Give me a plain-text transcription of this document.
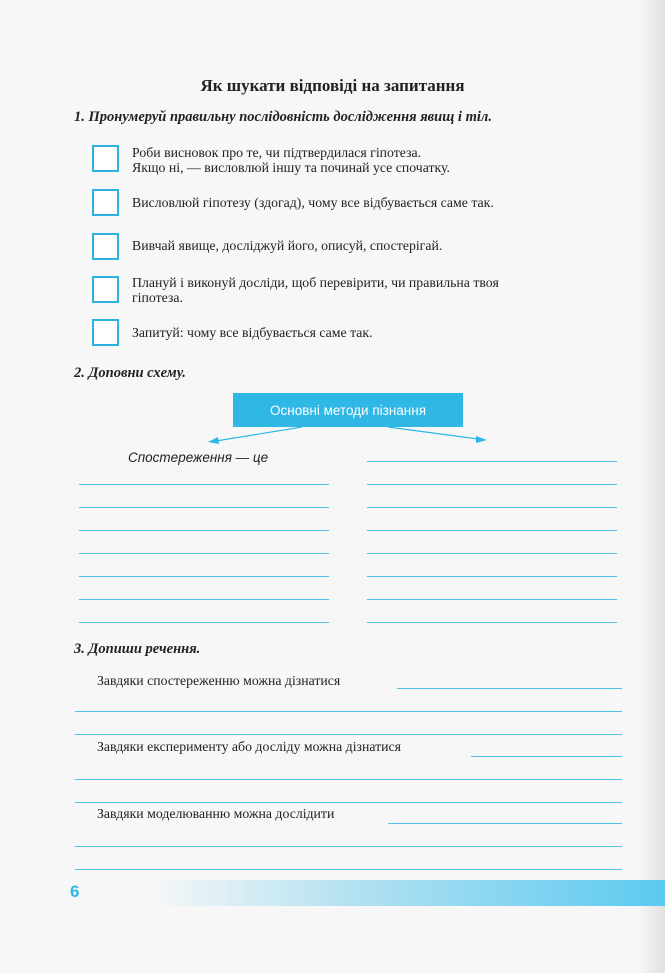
Як шукати відповіді на запитання
1. Пронумеруй правильну послідовність дослідження явищ і тіл.
Роби висновок про те, чи підтвердилася гіпотеза.
Якщо ні, — висловлюй іншу та починай усе спочатку.
Висловлюй гіпотезу (здогад), чому все відбувається саме так.
Вивчай явище, досліджуй його, описуй, спостерігай.
Плануй і виконуй досліди, щоб перевірити, чи правильна твоя
гіпотеза.
Запитуй: чому все відбувається саме так.
2. Доповни схему.
Основні методи пізнання
Спостереження — це
3. Допиши речення.
Завдяки спостереженню можна дізнатися
Завдяки експерименту або досліду можна дізнатися
Завдяки моделюванню можна дослідити
6
